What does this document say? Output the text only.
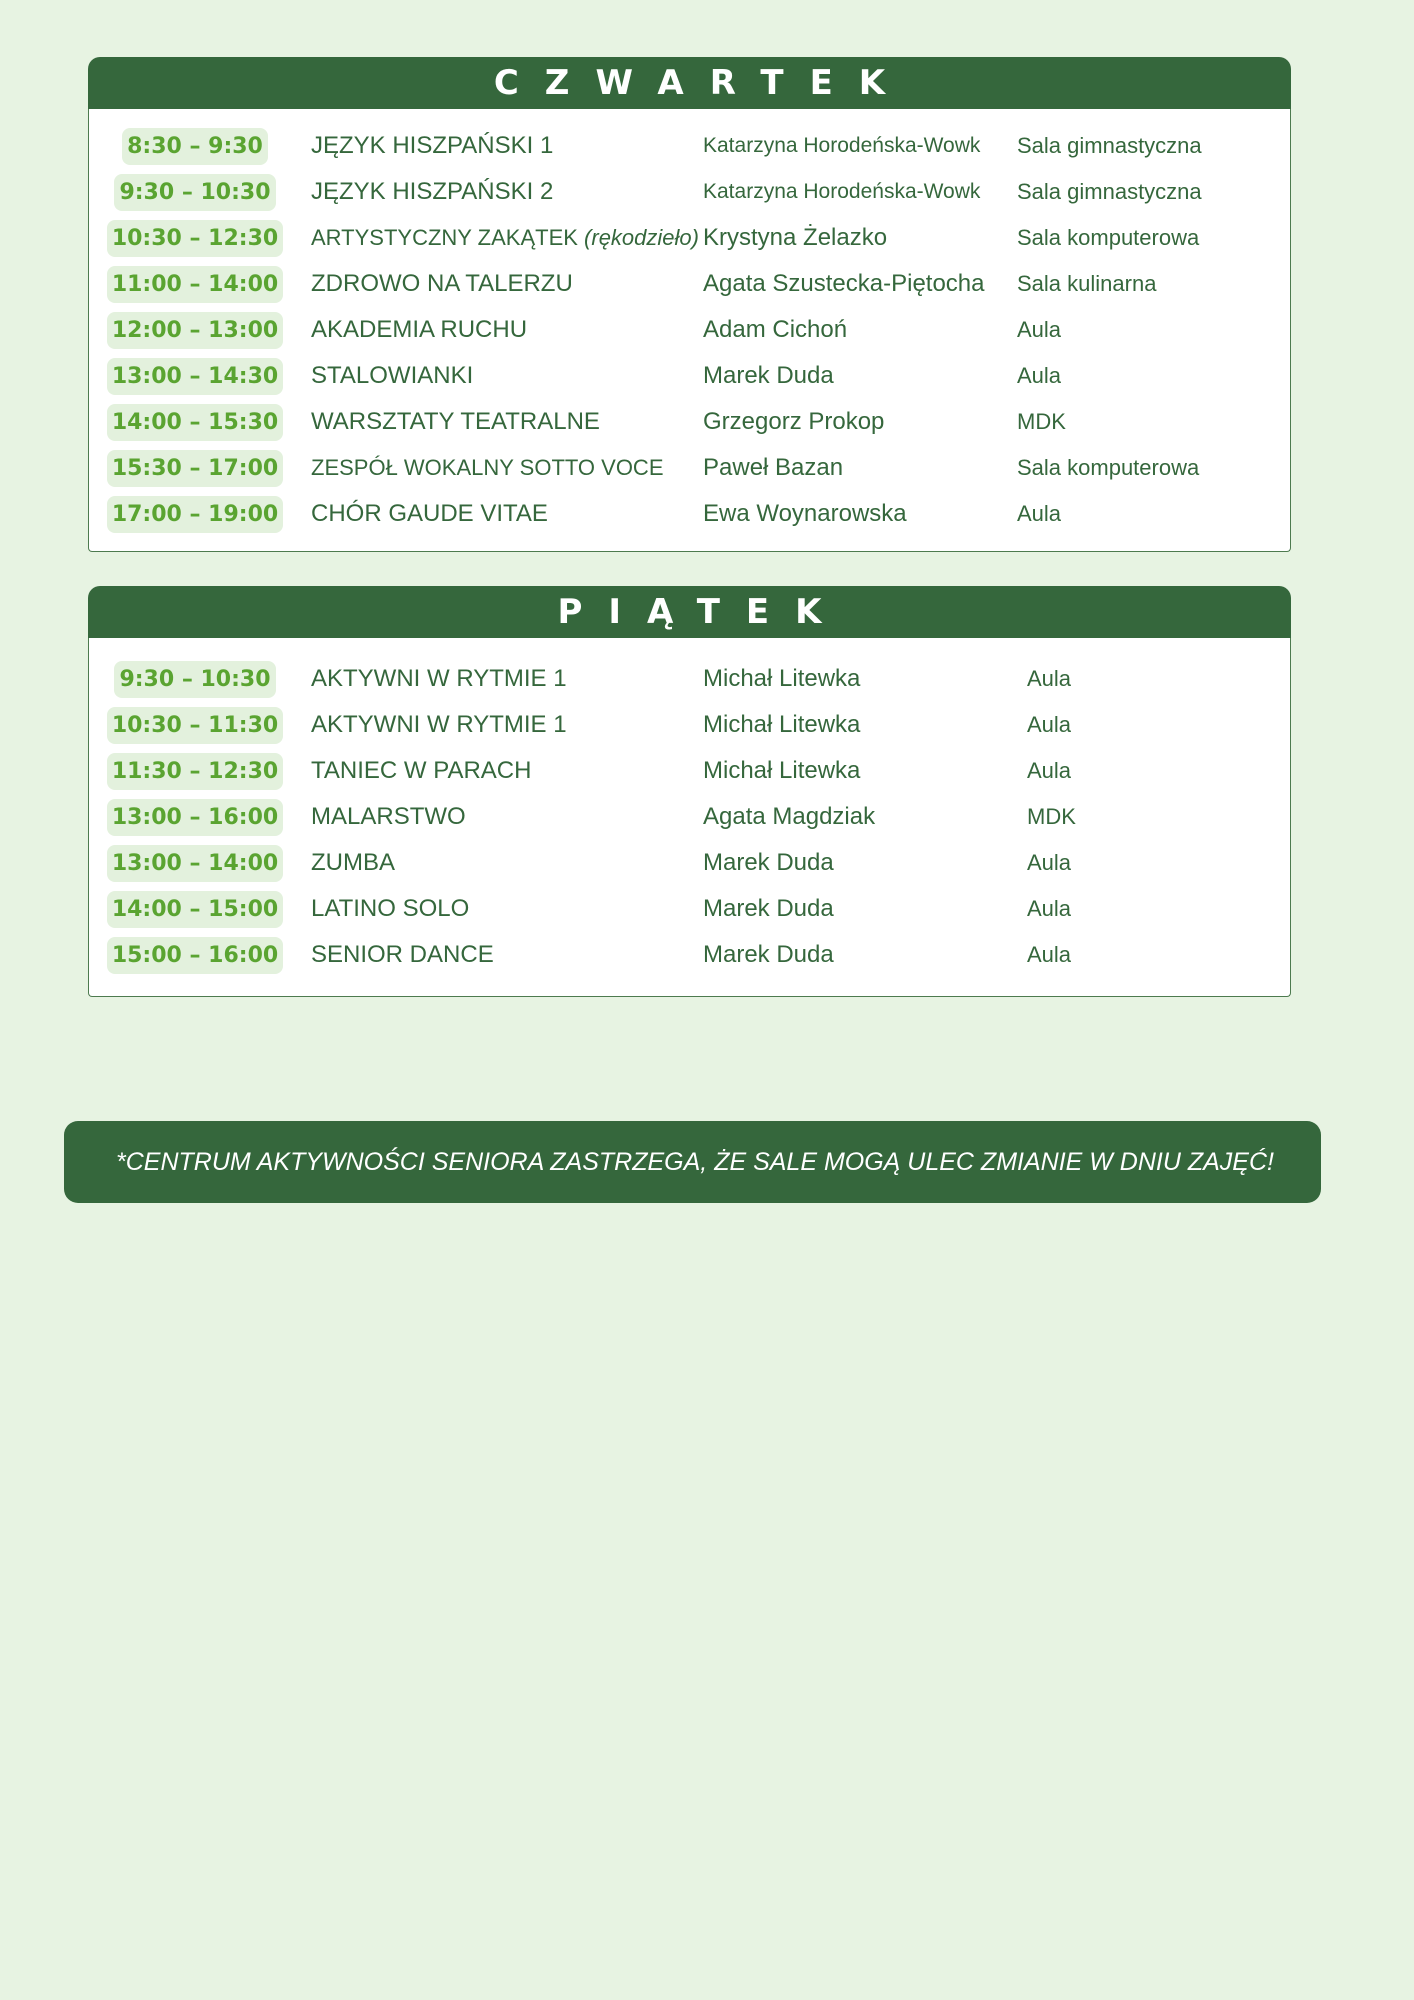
CZWARTEK
8:30 – 9:30 JĘZYK HISZPAŃSKI 1	Katarzyna Horodeńska-Wowk	Sala gimnastyczna
9:30 – 10:30 JĘZYK HISZPAŃSKI 2	Katarzyna Horodeńska-Wowk	Sala gimnastyczna
10:30 – 12:30 ARTYSTYCZNY ZAKĄTEK (rękodzieło) Krystyna Żelazko	Sala komputerowa
11:00 – 14:00 ZDROWO NA TALERZU	Agata Szustecka-Piętocha	Sala kulinarna
12:00 – 13:00 AKADEMIA RUCHU	Adam Cichoń	Aula
13:00 – 14:30 STALOWIANKI	Marek Duda	Aula
14:00 – 15:30 WARSZTATY TEATRALNE	Grzegorz Prokop	MDK
15:30 – 17:00 ZESPÓŁ WOKALNY SOTTO VOCE	Paweł Bazan	Sala komputerowa
17:00 – 19:00 CHÓR GAUDE VITAE	Ewa Woynarowska	Aula
PIĄTEK
9:30 – 10:30 AKTYWNI W RYTMIE 1	Michał Litewka	Aula
10:30 – 11:30 AKTYWNI W RYTMIE 1	Michał Litewka	Aula
11:30 – 12:30 TANIEC W PARACH	Michał Litewka	Aula
13:00 – 16:00 MALARSTWO	Agata Magdziak	MDK
13:00 – 14:00 ZUMBA	Marek Duda	Aula
14:00 – 15:00 LATINO SOLO	Marek Duda	Aula
15:00 – 16:00 SENIOR DANCE	Marek Duda	Aula
*CENTRUM AKTYWNOŚCI SENIORA ZASTRZEGA, ŻE SALE MOGĄ ULEC ZMIANIE W DNIU ZAJĘĆ!
